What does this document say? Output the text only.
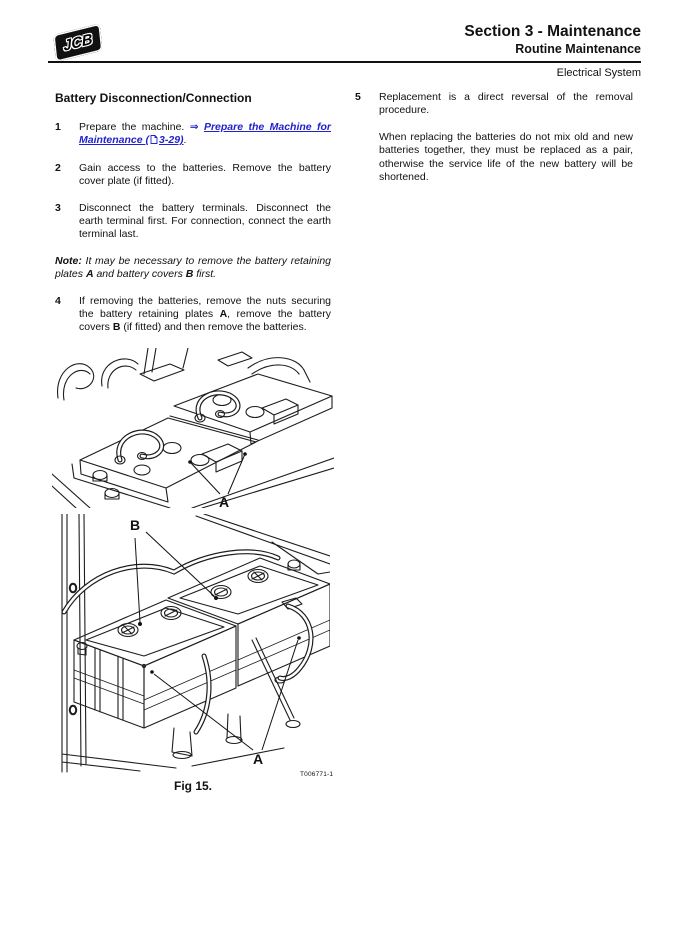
JCB	Section 3 - Maintenance
Routine Maintenance
Electrical System
Battery Disconnection/Connection
1	Prepare the machine. ⇒ Prepare the Machine for Maintenance ( 3-29).
2	Gain access to the batteries. Remove the battery cover plate (if fitted).
3	Disconnect the battery terminals. Disconnect the earth terminal first. For connection, connect the earth terminal last.
Note: It may be necessary to remove the battery retaining plates A and battery covers B first.
4	If removing the batteries, remove the nuts securing the battery retaining plates A, remove the battery covers B (if fitted) and then remove the batteries.
5	Replacement is a direct reversal of the removal procedure.
When replacing the batteries do not mix old and new batteries together, they must be replaced as a pair, otherwise the service life of the new battery will be shortened.
A
B
A
T006771-1
Fig 15.
